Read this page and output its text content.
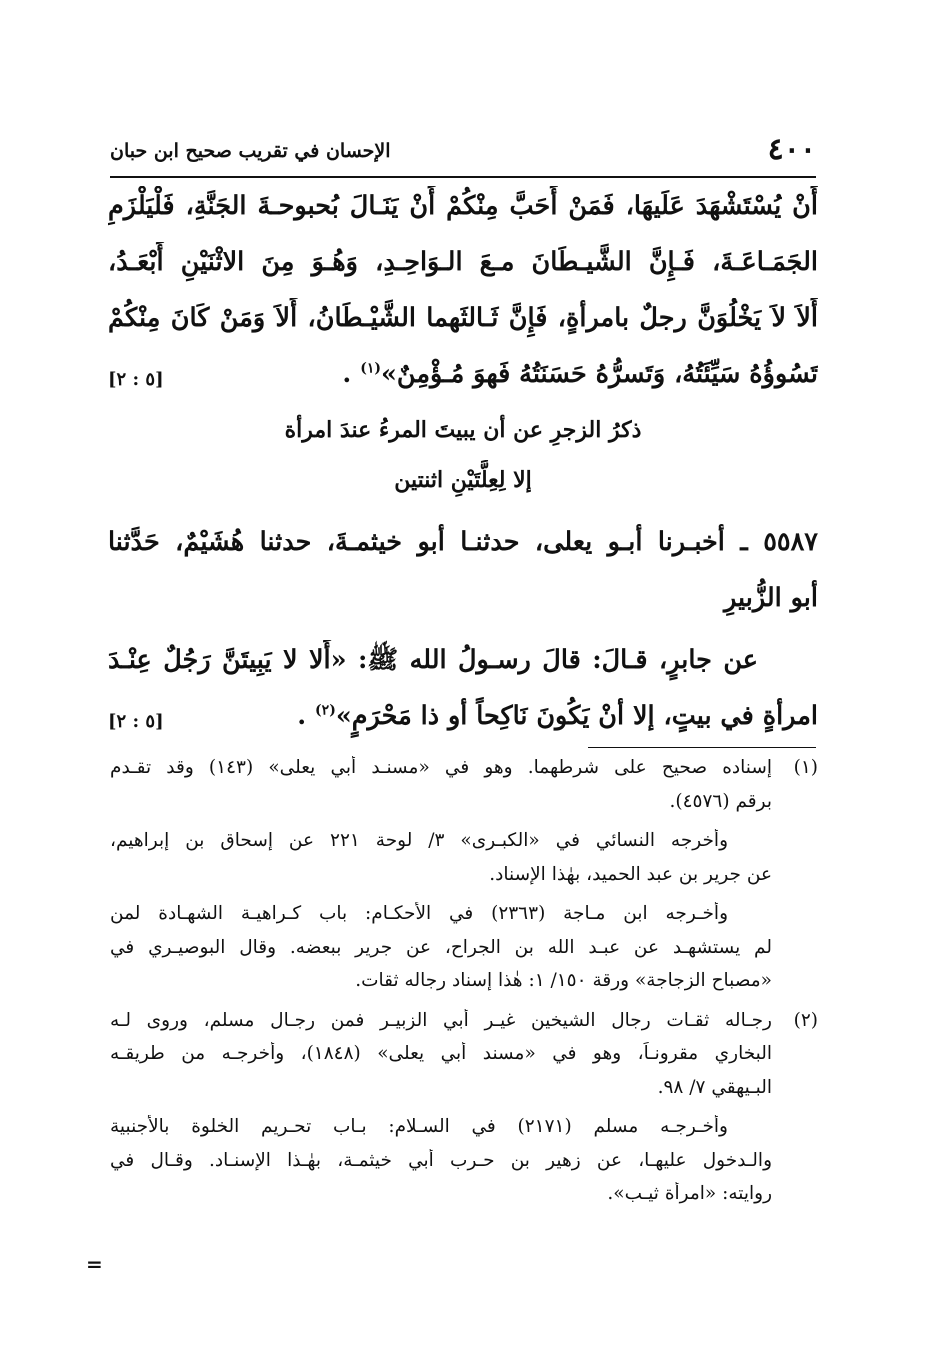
٤٠٠
الإحسان في تقريب صحيح ابن حبان
أَنْ يُسْتَشْهَدَ عَلَيهَا، فَمَنْ أَحَبَّ مِنْكُمْ أَنْ يَنَـالَ بُحبوحـةَ الجَنَّةِ، فَلْيَلْزَمِ
الجَمَـاعَـةَ، فَـإِنَّ الشَّيـطَانَ مـعَ الـوَاحِـدِ، وَهُـوَ مِنَ الاثْنَيْنِ أَبْعَـدُ،
أَلاَ لاَ يَخْلُوَنَّ رجلٌ بامرأةٍ، فَإِنَّ ثَـالثَهما الشَّيْـطَانُ، أَلاَ وَمَنْ كَانَ مِنْكُمْ
تَسُوؤُهُ سَيِّئَتُهُ، وَتَسرُّهُ حَسَنَتُهُ فَهوَ مُـؤْمِنٌ»$^{(١)}$ .
[٥ : ٢]
ذكرُ الزجرِ عن أن يبيتَ المرءُ عندَ امرأة
إلا لِعِلَّتَيْنِ اثنتين
٥٥٨٧ ـ أخبـرنا أبـو يعلى، حدثنـا أبو خيثمـةَ، حدثنا هُشَيْمٌ، حَدَّثنا
أبو الزُّبيرِ
عن جابرٍ، قـالَ: قالَ رسـولُ الله ﷺ: «أَلا لا يَبِيتَنَّ رَجُلٌ عِنْـدَ
امرأةٍ في بيتٍ، إلا أنْ يَكُونَ نَاكِحاً أو ذا مَحْرَمٍ»$^{(٢)}$ .
[٥ : ٢]
(١)
إسناده صحيح على شرطهما. وهو في «مسنـد أبي يعلى» (١٤٣) وقد تقـدم
برقم (٤٥٧٦).
وأخرجه النسائي في «الكبـرى» ٣/ لوحة ٢٢١ عن إسحاق بن إبراهيم،
عن جرير بن عبد الحميد، بهٰذا الإسناد.
وأخـرجه ابن مـاجة (٢٣٦٣) في الأحكـام: باب كـراهيـة الشهـادة لمن
لم يستشهـد عن عبـد الله بن الجراح، عن جرير ببعضه. وقال البوصيـري في
«مصباح الزجاجة» ورقة ١٥٠/ ١: هٰذا إسناد رجاله ثقات.
(٢)
رجـاله ثقـات رجال الشيخين غيـر أبي الزبيـر فمن رجـال مسلم، وروى لـه
البخاري مقرونـاً، وهو في «مسند أبي يعلى» (١٨٤٨)، وأخرجـه من طريقـه
البـيهقي ٧/ ٩٨.
وأخـرجـه مسلم (٢١٧١) في السـلام: بـاب تحـريم الخلوة بالأجنبية
والـدخول عليهـا، عن زهير بن حـرب أبي خيثمـة، بهٰـذا الإسنـاد. وقـال في
روايته: «امرأة ثيـب».
=
